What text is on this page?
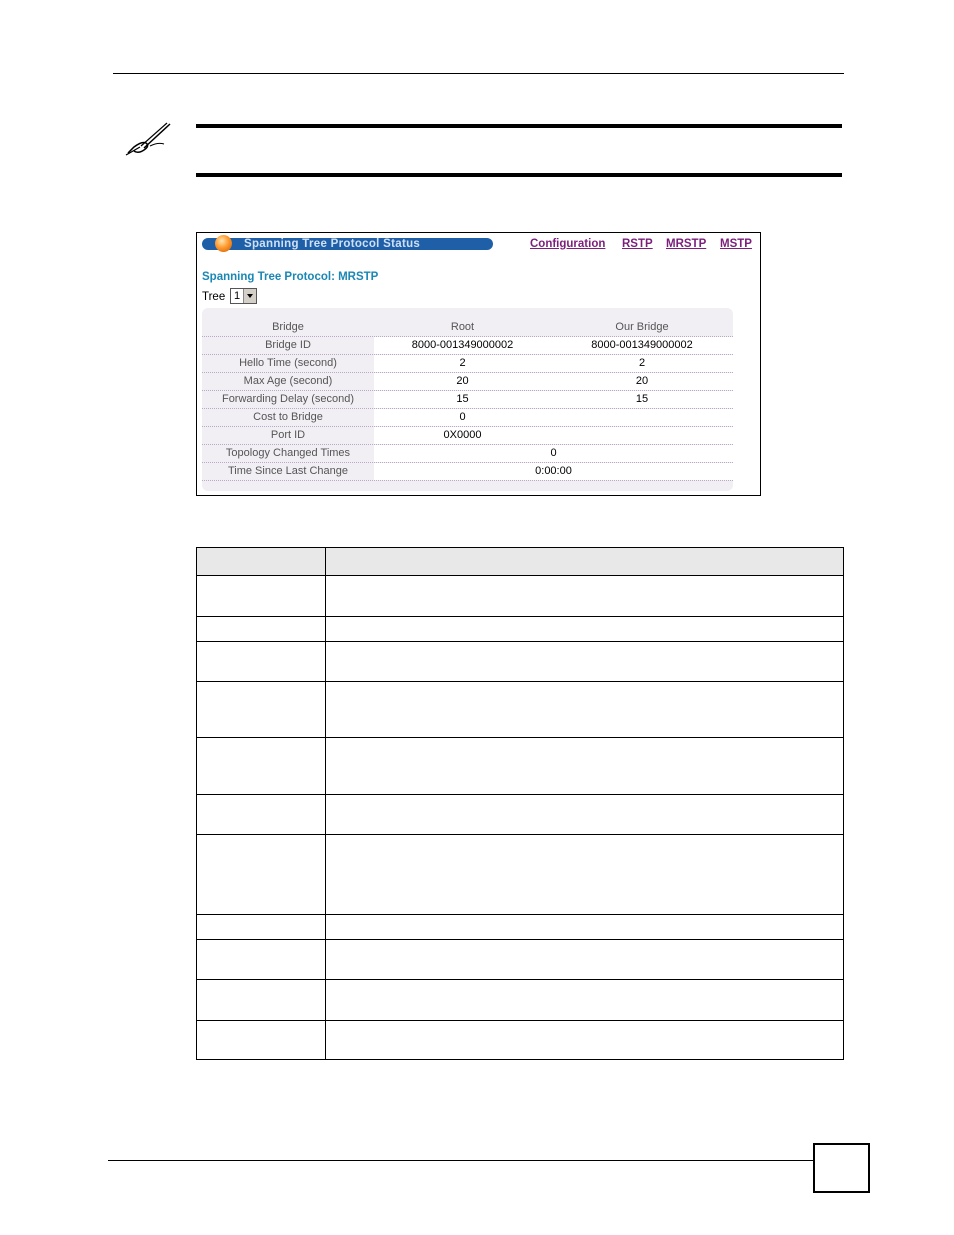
Spanning Tree Protocol Status	Configuration RSTP MRSTP MSTP
Spanning Tree Protocol: MRSTP
Tree 1
Bridge	Root	Our Bridge
Bridge ID	8000-001349000002	8000-001349000002
Hello Time (second)	2	2
Max Age (second)	20	20
Forwarding Delay (second)	15	15
Cost to Bridge	0
Port ID	0X0000
Topology Changed Times	0
Time Since Last Change	0:00:00
